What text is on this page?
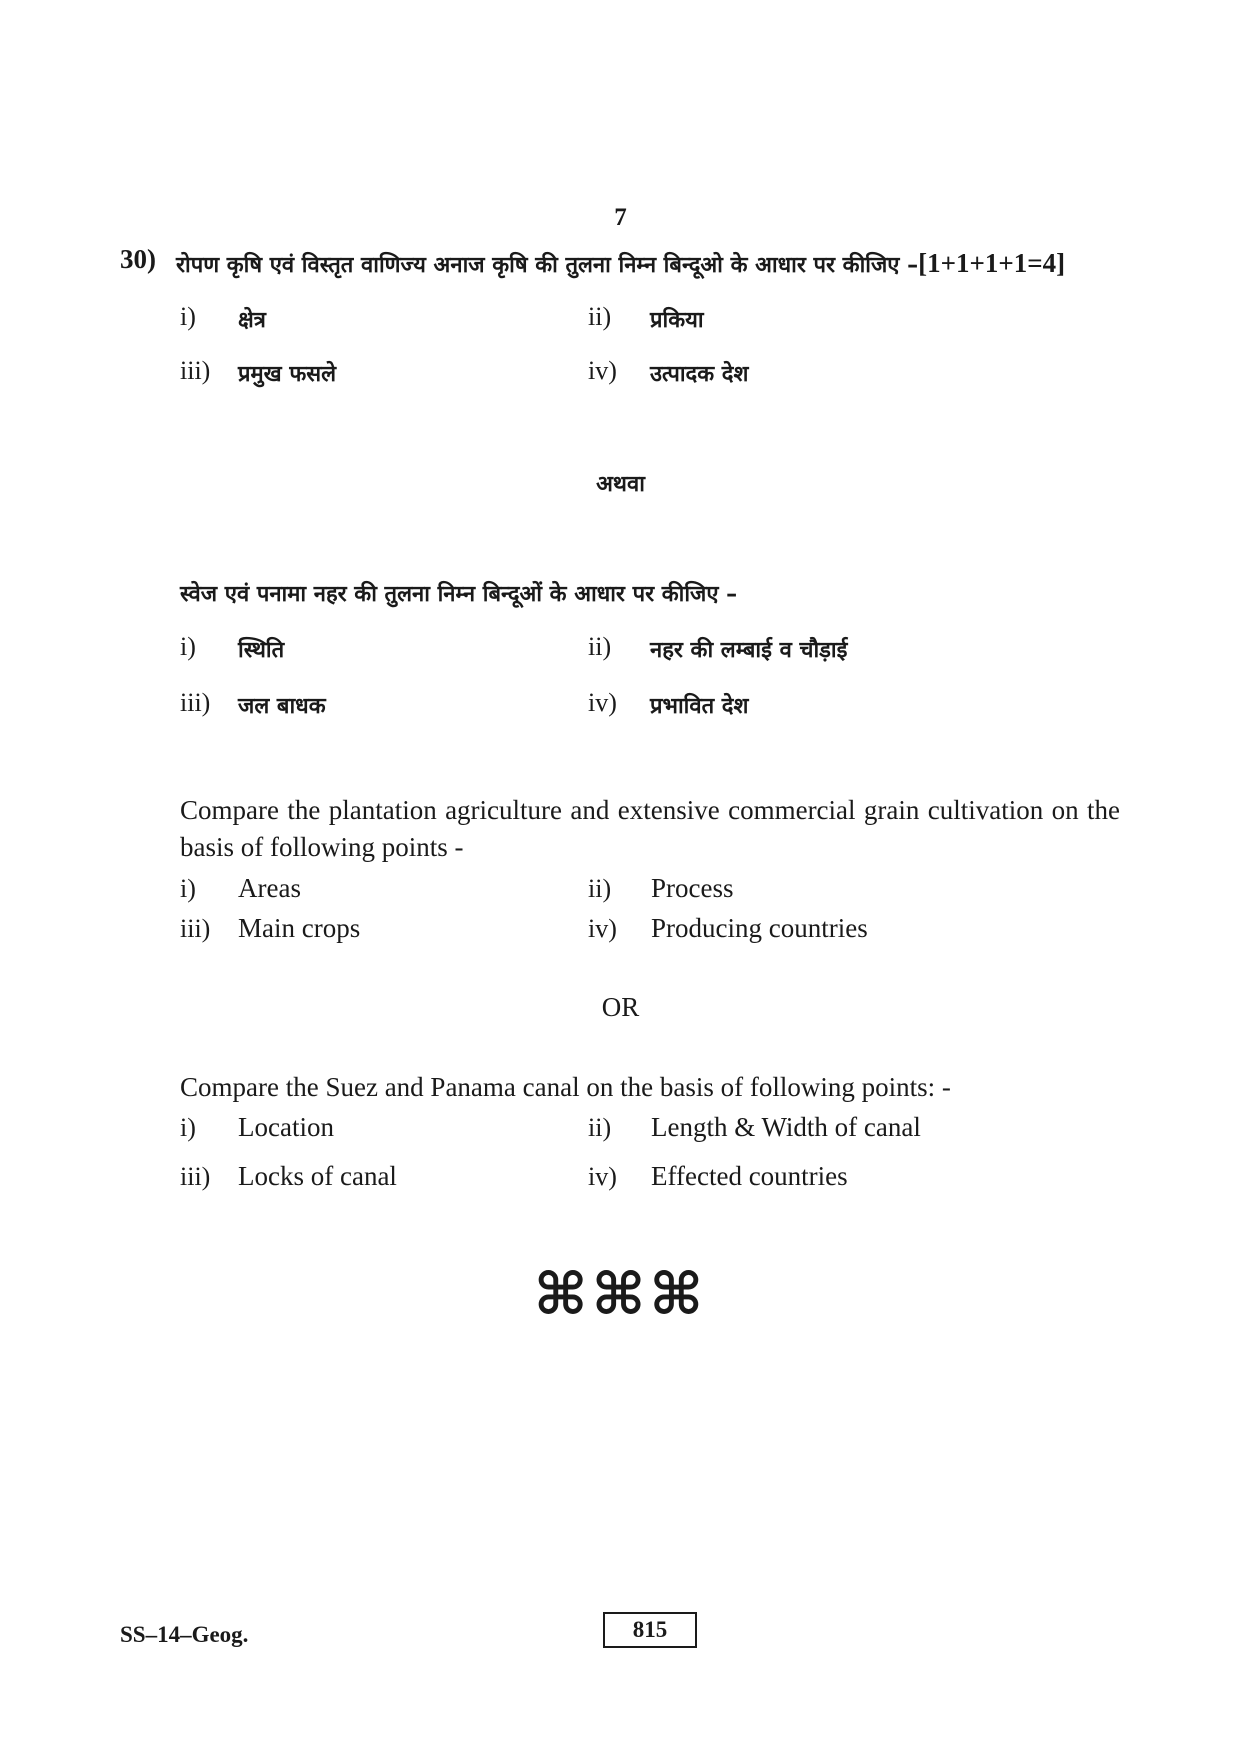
7
30) रोपण कृषि एवं विस्तृत वाणिज्य अनाज कृषि की तुलना निम्न बिन्दूओ के आधार पर कीजिए –[1+1+1+1=4]
i) क्षेत्र	ii) प्रकिया
iii) प्रमुख फसले	iv) उत्पादक देश
अथवा
स्वेज एवं पनामा नहर की तुलना निम्न बिन्दूओं के आधार पर कीजिए –
i) स्थिति	ii) नहर की लम्बाई व चौड़ाई
iii) जल बाधक	iv) प्रभावित देश
Compare the plantation agriculture and extensive commercial grain cultivation on the basis of following points -
i) Areas	ii) Process
iii) Main crops	iv) Producing countries
OR
Compare the Suez and Panama canal on the basis of following points: -
i) Location	ii) Length & Width of canal
iii) Locks of canal	iv) Effected countries
⌘⌘⌘
SS–14–Geog.	815
